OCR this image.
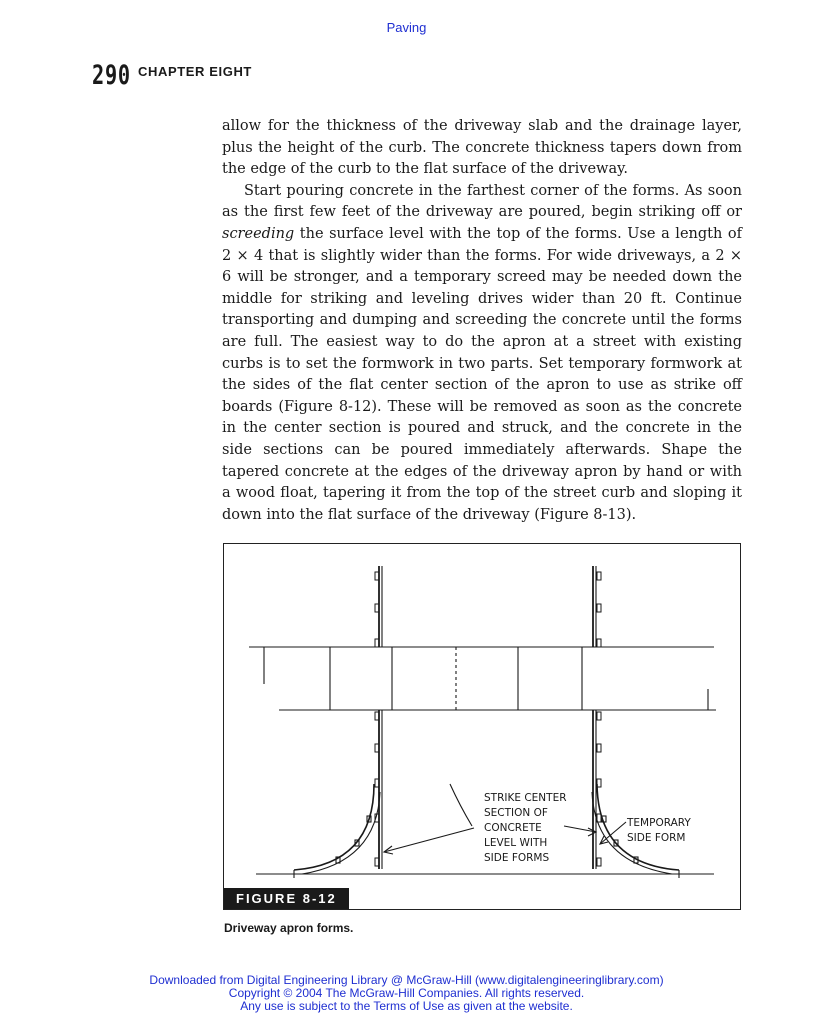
Paving
290 CHAPTER EIGHT

allow for the thickness of the driveway slab and the drainage layer, plus the height of the curb. The concrete thickness tapers down from the edge of the curb to the flat surface of the driveway.

Start pouring concrete in the farthest corner of the forms. As soon as the first few feet of the driveway are poured, begin striking off or screeding the surface level with the top of the forms. Use a length of 2 × 4 that is slightly wider than the forms. For wide driveways, a 2 × 6 will be stronger, and a temporary screed may be needed down the middle for striking and leveling drives wider than 20 ft. Continue transporting and dumping and screeding the concrete until the forms are full. The easiest way to do the apron at a street with existing curbs is to set the formwork in two parts. Set temporary formwork at the sides of the flat center section of the apron to use as strike off boards (Figure 8-12). These will be removed as soon as the concrete in the center section is poured and struck, and the concrete in the side sections can be poured immediately afterwards. Shape the tapered concrete at the edges of the driveway apron by hand or with a wood float, tapering it from the top of the street curb and sloping it down into the flat surface of the driveway (Figure 8-13).

STRIKE CENTER
SECTION OF
CONCRETE
LEVEL WITH
SIDE FORMS
TEMPORARY
SIDE FORM
FIGURE 8-12
Driveway apron forms.
Downloaded from Digital Engineering Library @ McGraw-Hill (www.digitalengineeringlibrary.com)
Copyright © 2004 The McGraw-Hill Companies. All rights reserved.
Any use is subject to the Terms of Use as given at the website.
